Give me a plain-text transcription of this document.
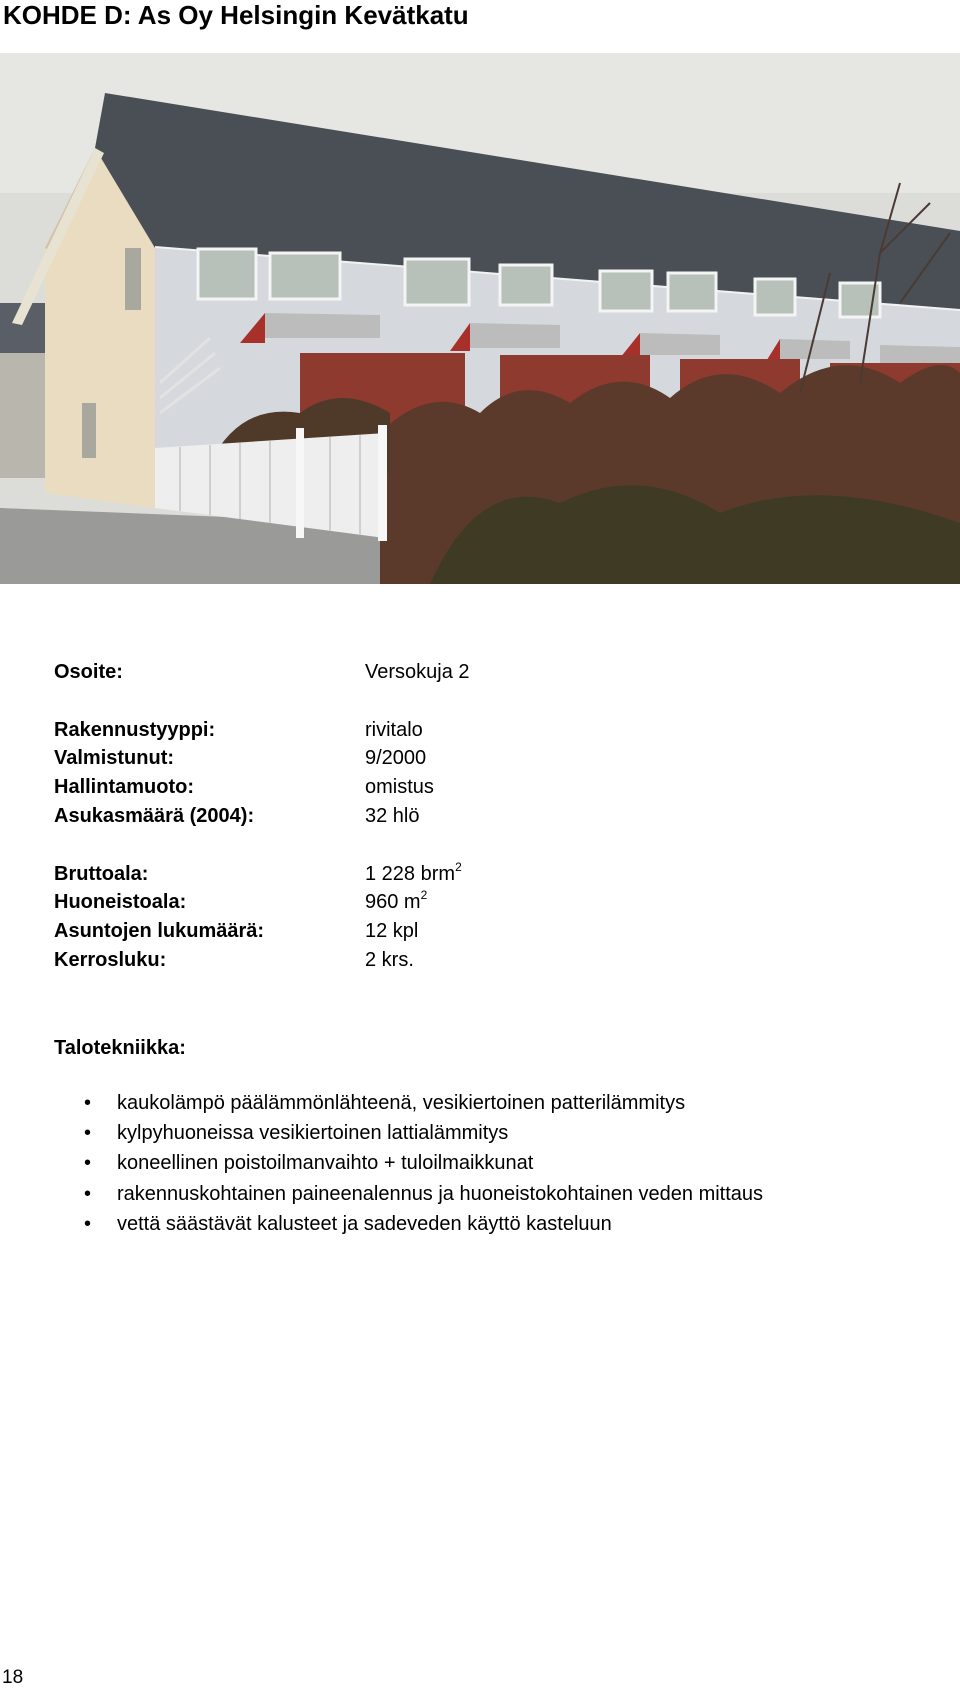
KOHDE D: As Oy Helsingin Kevätkatu
Osoite:	Versokuja 2
Rakennustyyppi:	rivitalo
Valmistunut:	9/2000
Hallintamuoto:	omistus
Asukasmäärä (2004):	32 hlö
Bruttoala:	1 228 brm$^2$
Huoneistoala:	960 $m^2$
Asuntojen lukumäärä:	12 kpl
Kerrosluku:	2 krs.
Talotekniikka:
• kaukolämpö päälämmönlähteenä, vesikiertoinen patterilämmitys
• kylpyhuoneissa vesikiertoinen lattialämmitys
• koneellinen poistoilmanvaihto + tuloilmaikkunat
• rakennuskohtainen paineenalennus ja huoneistokohtainen veden mittaus
• vettä säästävät kalusteet ja sadeveden käyttö kasteluun
18
